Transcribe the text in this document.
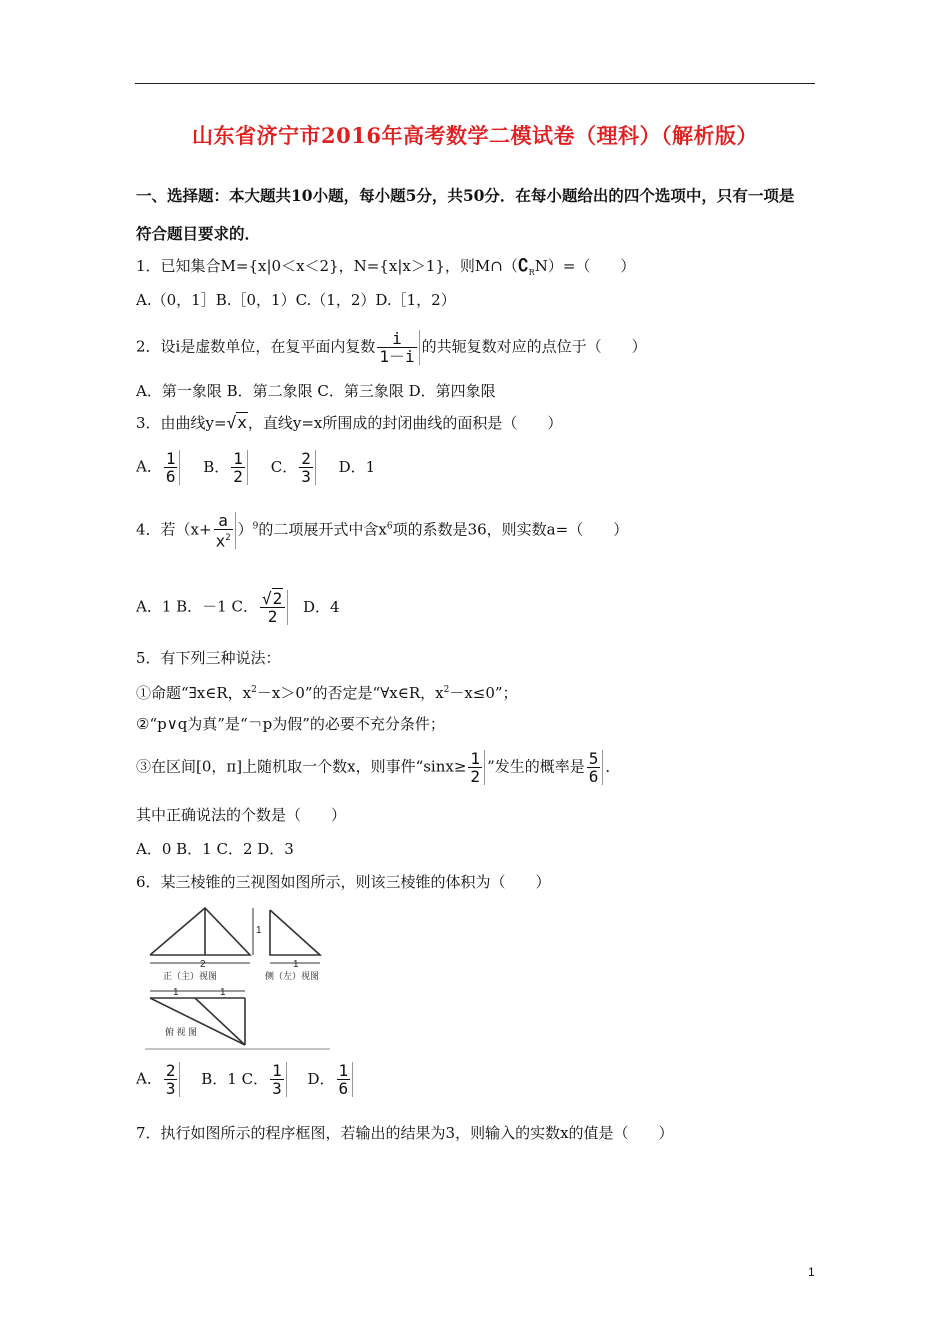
山东省济宁市2016年高考数学二模试卷（理科）（解析版）
一、选择题：本大题共10小题，每小题5分，共50分．在每小题给出的四个选项中，只有一项是
符合题目要求的．
1．已知集合M={x|0＜x＜2}，N={x|x＞1}，则$M\cap(∁_RN)=$（　　）
A.（0，1］B.［0，1）C.（1，2）D.［1，2）
2．设i是虚数单位，在复平面内复数 $\frac{i}{1-i}$ 的共轭复数对应的点位于（　　）
A．第一象限 B．第二象限 C．第三象限 D．第四象限
3．由曲线y=√x，直线y=x所围成的封闭曲线的面积是（　　）
A． $\frac{1}{6}$ B． $\frac{1}{2}$ C． $\frac{2}{3}$ D．1
4．若$(x+ \frac{a}{x^2} )^9$的二项展开式中含$x^6$项的系数是36，则实数a=（　　）
A．1 B．－1 C． $\frac{√2}{2}$ D．4
5．有下列三种说法：
①命题“∃x∈R，$x^2-x>0$”的否定是“∀x∈R，$x^2-x\le 0$”；
②“p∨q为真”是“￢p为假”的必要不充分条件；
③在区间[0，π]上随机取一个数x，则事件“$\sin x\ge \frac{1}{2}$ ”发生的概率是 $\frac{5}{6}$ ．
其中正确说法的个数是（　　）
A．0 B．1 C．2 D．3
6．某三棱锥的三视图如图所示，则该三棱锥的体积为（　　）
2
1
1
1	1
正（主）视图	侧（左）视图
俯 视 图
A． $\frac{2}{3}$ B．1 C． $\frac{1}{3}$ D． $\frac{1}{6}$
7．执行如图所示的程序框图，若输出的结果为3，则输入的实数x的值是（　　）
1
